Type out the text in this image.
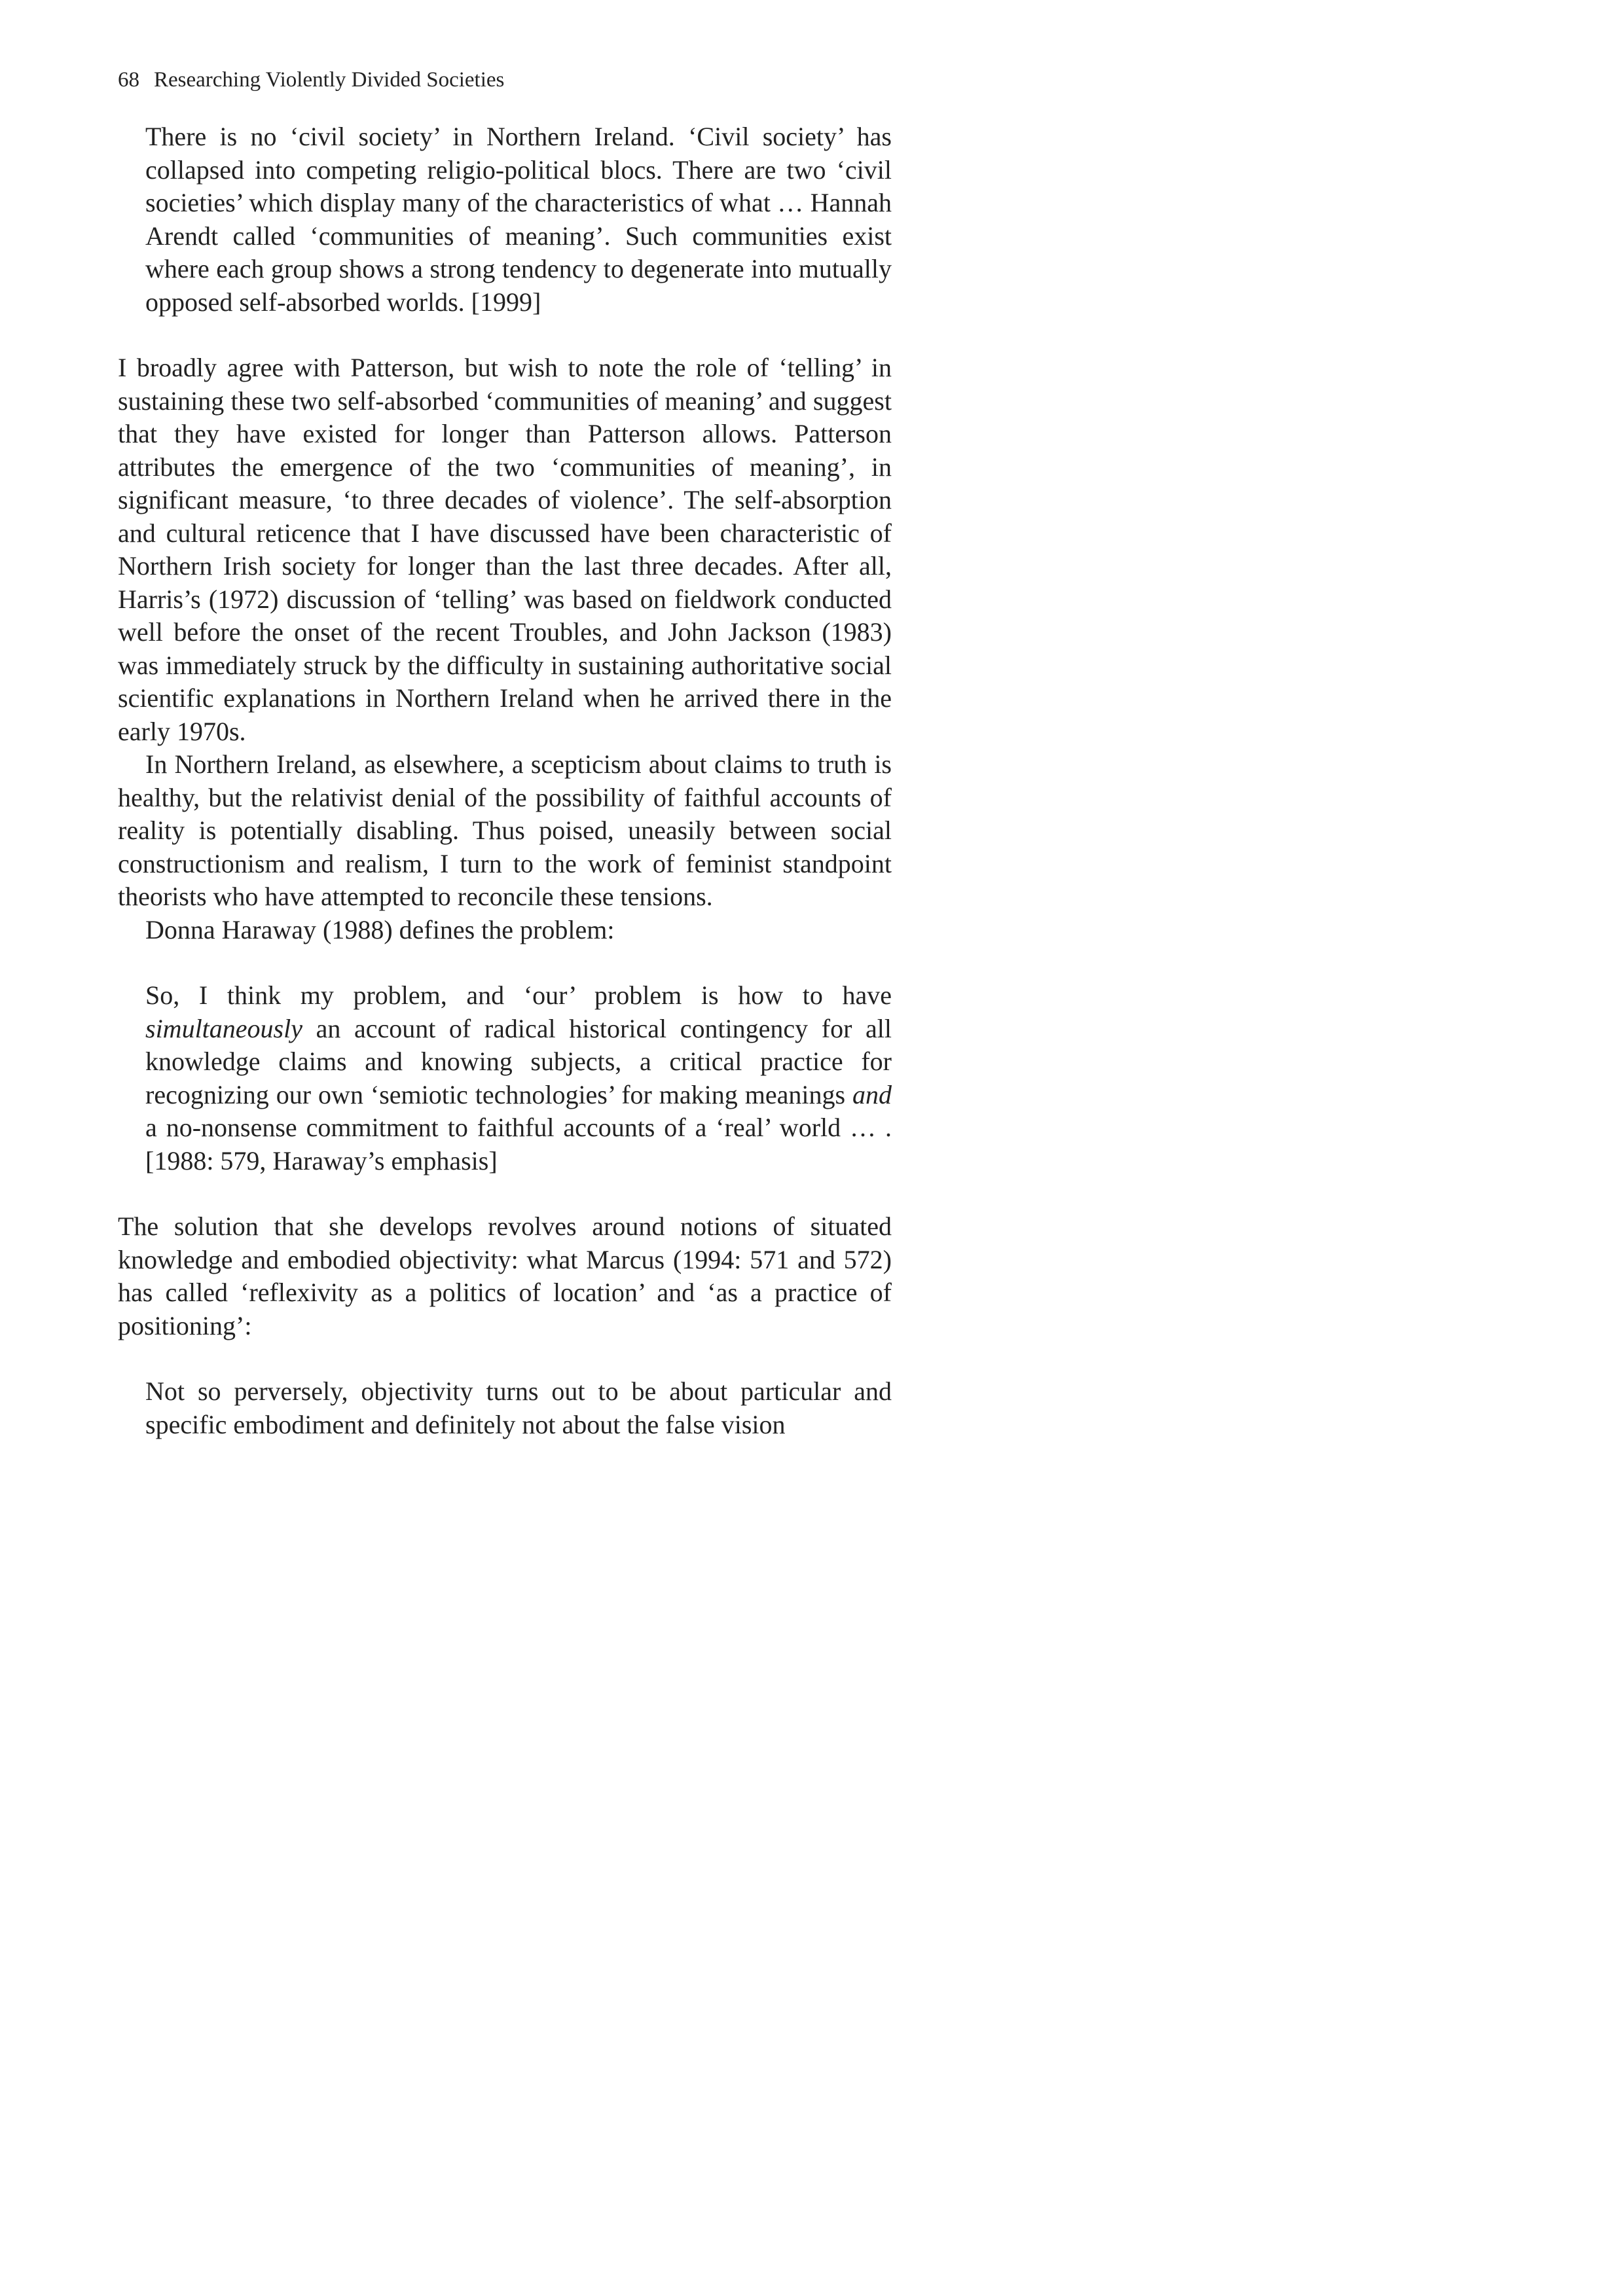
68 Researching Violently Divided Societies

There is no ‘civil society’ in Northern Ireland. ‘Civil society’ has collapsed into competing religio-political blocs. There are two ‘civil societies’ which display many of the characteristics of what … Hannah Arendt called ‘communities of meaning’. Such communities exist where each group shows a strong tendency to degenerate into mutually opposed self-absorbed worlds. [1999]

I broadly agree with Patterson, but wish to note the role of ‘telling’ in sustaining these two self-absorbed ‘communities of meaning’ and suggest that they have existed for longer than Patterson allows. Patterson attributes the emergence of the two ‘communities of meaning’, in significant measure, ‘to three decades of violence’. The self-absorption and cultural reticence that I have discussed have been characteristic of Northern Irish society for longer than the last three decades. After all, Harris’s (1972) discussion of ‘telling’ was based on fieldwork conducted well before the onset of the recent Troubles, and John Jackson (1983) was immediately struck by the difficulty in sustaining authoritative social scientific explanations in Northern Ireland when he arrived there in the early 1970s.

In Northern Ireland, as elsewhere, a scepticism about claims to truth is healthy, but the relativist denial of the possibility of faithful accounts of reality is potentially disabling. Thus poised, uneasily between social constructionism and realism, I turn to the work of feminist standpoint theorists who have attempted to reconcile these tensions.

Donna Haraway (1988) defines the problem:

So, I think my problem, and ‘our’ problem is how to have simultaneously an account of radical historical contingency for all knowledge claims and knowing subjects, a critical practice for recognizing our own ‘semiotic technologies’ for making meanings and a no-nonsense commitment to faithful accounts of a ‘real’ world … . [1988: 579, Haraway’s emphasis]

The solution that she develops revolves around notions of situated knowledge and embodied objectivity: what Marcus (1994: 571 and 572) has called ‘reflexivity as a politics of location’ and ‘as a practice of positioning’:

Not so perversely, objectivity turns out to be about particular and specific embodiment and definitely not about the false vision
